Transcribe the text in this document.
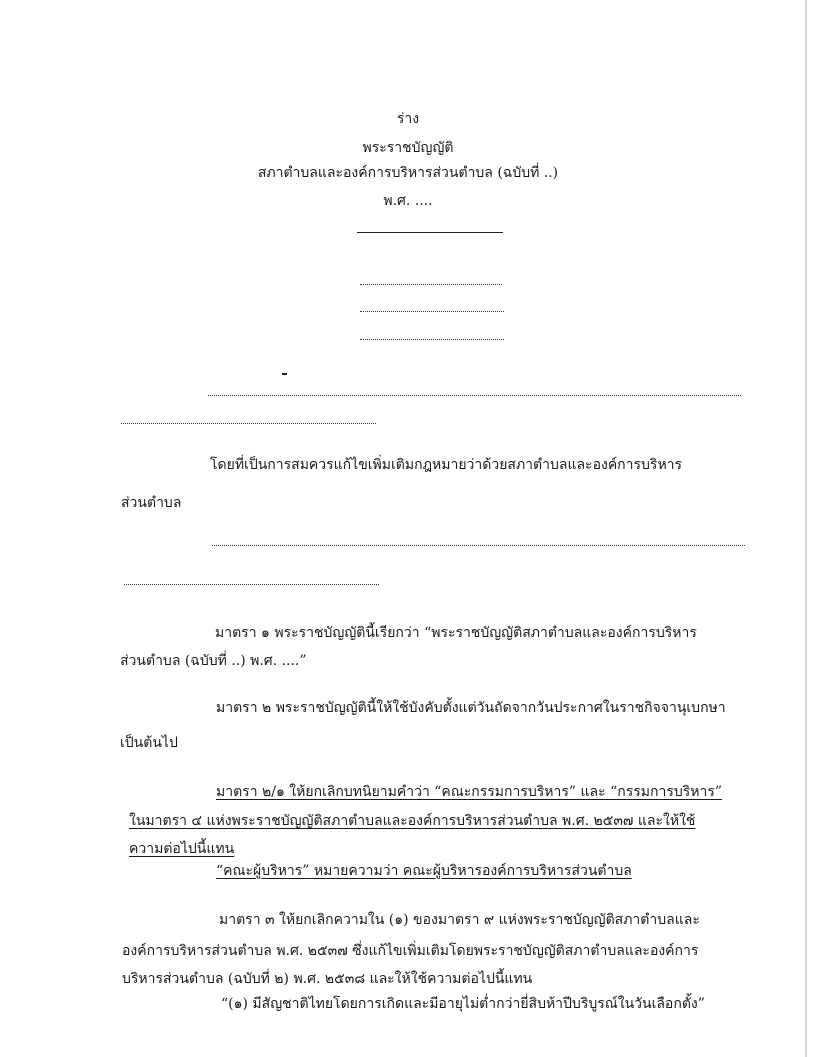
ร่าง
พระราชบัญญัติ
สภาตำบลและองค์การบริหารส่วนตำบล (ฉบับที่ ..)
พ.ศ. ....
โดยที่เป็นการสมควรแก้ไขเพิ่มเติมกฎหมายว่าด้วยสภาตำบลและองค์การบริหาร
ส่วนตำบล
มาตรา ๑ พระราชบัญญัตินี้เรียกว่า “พระราชบัญญัติสภาตำบลและองค์การบริหาร
ส่วนตำบล (ฉบับที่ ..) พ.ศ. ....”
มาตรา ๒ พระราชบัญญัตินี้ให้ใช้บังคับตั้งแต่วันถัดจากวันประกาศในราชกิจจานุเบกษา
เป็นต้นไป
มาตรา ๒/๑ ให้ยกเลิกบทนิยามคำว่า “คณะกรรมการบริหาร” และ “กรรมการบริหาร”
ในมาตรา ๔ แห่งพระราชบัญญัติสภาตำบลและองค์การบริหารส่วนตำบล พ.ศ. ๒๕๓๗ และให้ใช้
ความต่อไปนี้แทน
“คณะผู้บริหาร” หมายความว่า คณะผู้บริหารองค์การบริหารส่วนตำบล
มาตรา ๓ ให้ยกเลิกความใน (๑) ของมาตรา ๙ แห่งพระราชบัญญัติสภาตำบลและ
องค์การบริหารส่วนตำบล พ.ศ. ๒๕๓๗ ซึ่งแก้ไขเพิ่มเติมโดยพระราชบัญญัติสภาตำบลและองค์การ
บริหารส่วนตำบล (ฉบับที่ ๒) พ.ศ. ๒๕๓๘ และให้ใช้ความต่อไปนี้แทน
“(๑) มีสัญชาติไทยโดยการเกิดและมีอายุไม่ต่ำกว่ายี่สิบห้าปีบริบูรณ์ในวันเลือกตั้ง”
